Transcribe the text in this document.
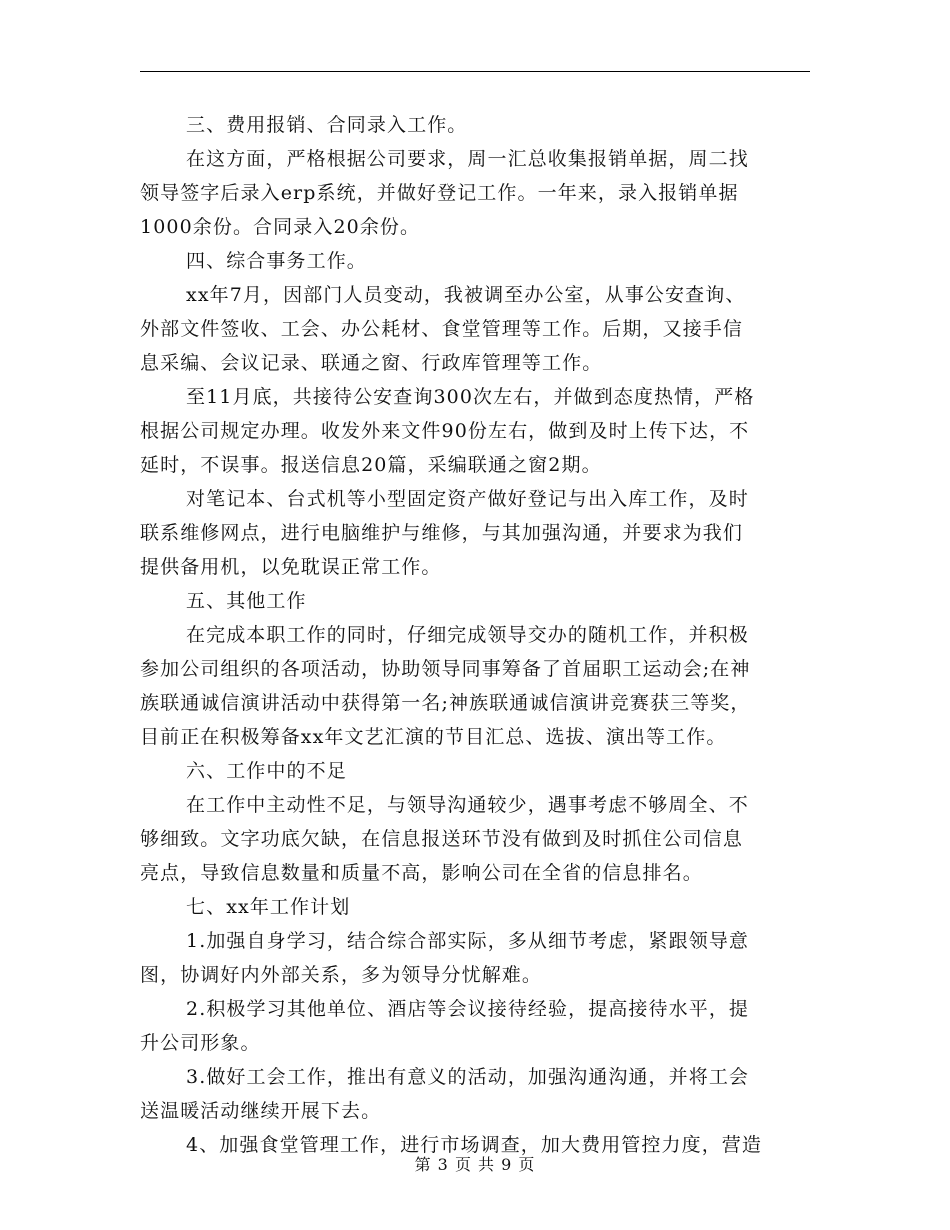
三、费用报销、合同录入工作。
在这方面，严格根据公司要求，周一汇总收集报销单据，周二找
领导签字后录入erp系统，并做好登记工作。一年来，录入报销单据
1000余份。合同录入20余份。
四、综合事务工作。
xx年7月，因部门人员变动，我被调至办公室，从事公安查询、
外部文件签收、工会、办公耗材、食堂管理等工作。后期，又接手信
息采编、会议记录、联通之窗、行政库管理等工作。
至11月底，共接待公安查询300次左右，并做到态度热情，严格
根据公司规定办理。收发外来文件90份左右，做到及时上传下达，不
延时，不误事。报送信息20篇，采编联通之窗2期。
对笔记本、台式机等小型固定资产做好登记与出入库工作，及时
联系维修网点，进行电脑维护与维修，与其加强沟通，并要求为我们
提供备用机，以免耽误正常工作。
五、其他工作
在完成本职工作的同时，仔细完成领导交办的随机工作，并积极
参加公司组织的各项活动，协助领导同事筹备了首届职工运动会;在神
族联通诚信演讲活动中获得第一名;神族联通诚信演讲竞赛获三等奖，
目前正在积极筹备xx年文艺汇演的节目汇总、选拔、演出等工作。
六、工作中的不足
在工作中主动性不足，与领导沟通较少，遇事考虑不够周全、不
够细致。文字功底欠缺，在信息报送环节没有做到及时抓住公司信息
亮点，导致信息数量和质量不高，影响公司在全省的信息排名。
七、xx年工作计划
1.加强自身学习，结合综合部实际，多从细节考虑，紧跟领导意
图，协调好内外部关系，多为领导分忧解难。
2.积极学习其他单位、酒店等会议接待经验，提高接待水平，提
升公司形象。
3.做好工会工作，推出有意义的活动，加强沟通沟通，并将工会
送温暖活动继续开展下去。
4、加强食堂管理工作，进行市场调查，加大费用管控力度，营造
第 3 页 共 9 页
